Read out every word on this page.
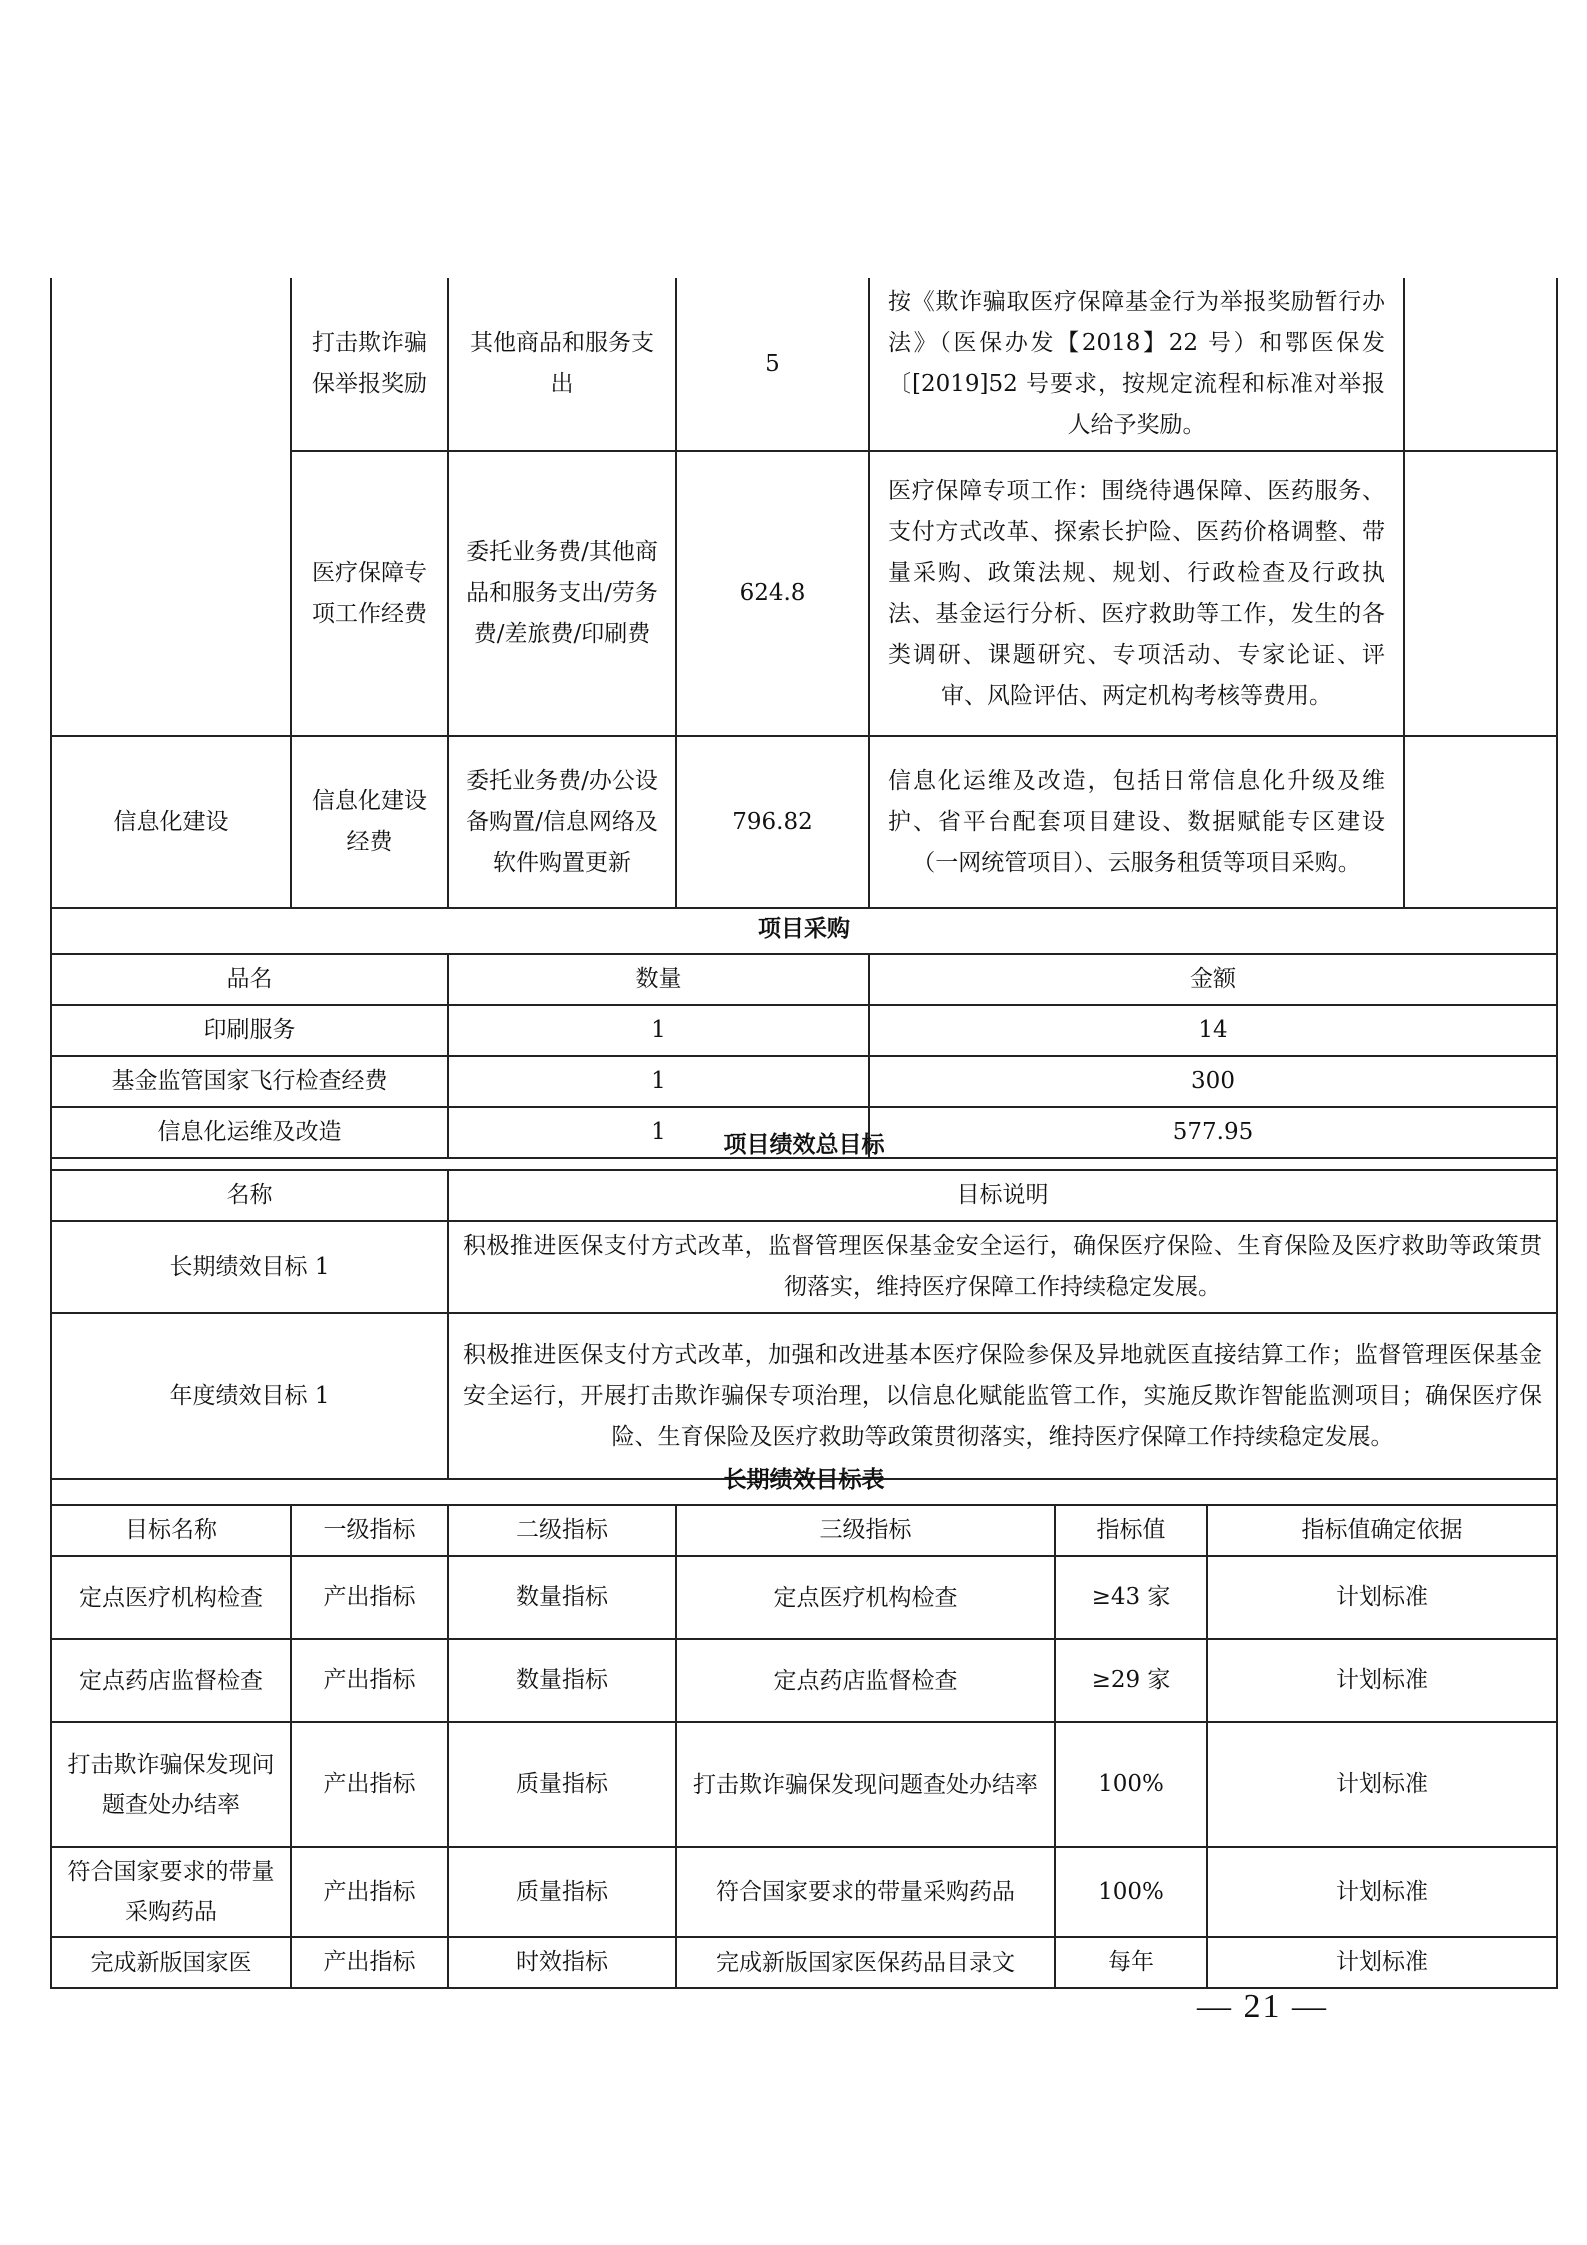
	打击欺诈骗保举报奖励	其他商品和服务支出	5	按《欺诈骗取医疗保障基金行为举报奖励暂行办法》（医保办发【2018】22 号）和鄂医保发〔[2019]52 号要求，按规定流程和标准对举报人给予奖励。	
	医疗保障专项工作经费	委托业务费/其他商品和服务支出/劳务费/差旅费/印刷费	624.8	医疗保障专项工作：围绕待遇保障、医药服务、支付方式改革、探索长护险、医药价格调整、带量采购、政策法规、规划、行政检查及行政执法、基金运行分析、医疗救助等工作，发生的各类调研、课题研究、专项活动、专家论证、评审、风险评估、两定机构考核等费用。	
信息化建设	信息化建设经费	委托业务费/办公设备购置/信息网络及软件购置更新	796.82	信息化运维及改造，包括日常信息化升级及维护、省平台配套项目建设、数据赋能专区建设（一网统管项目）、云服务租赁等项目采购。	
项目采购		
品名	数量	金额
印刷服务	1	14
基金监管国家飞行检查经费	1	300
信息化运维及改造	1	577.95
项目绩效总目标	
名称	目标说明
长期绩效目标 1	积极推进医保支付方式改革，监督管理医保基金安全运行，确保医疗保险、生育保险及医疗救助等政策贯彻落实，维持医疗保障工作持续稳定发展。
年度绩效目标 1	积极推进医保支付方式改革，加强和改进基本医疗保险参保及异地就医直接结算工作；监督管理医保基金安全运行，开展打击欺诈骗保专项治理，以信息化赋能监管工作，实施反欺诈智能监测项目；确保医疗保险、生育保险及医疗救助等政策贯彻落实，维持医疗保障工作持续稳定发展。
长期绩效目标表					
目标名称	一级指标	二级指标	三级指标	指标值	指标值确定依据
定点医疗机构检查	产出指标	数量指标	定点医疗机构检查	≥43 家	计划标准
定点药店监督检查	产出指标	数量指标	定点药店监督检查	≥29 家	计划标准
打击欺诈骗保发现问题查处办结率	产出指标	质量指标	打击欺诈骗保发现问题查处办结率	100%	计划标准
符合国家要求的带量采购药品	产出指标	质量指标	符合国家要求的带量采购药品	100%	计划标准
完成新版国家医	产出指标	时效指标	完成新版国家医保药品目录文	每年	计划标准
— 21 —
